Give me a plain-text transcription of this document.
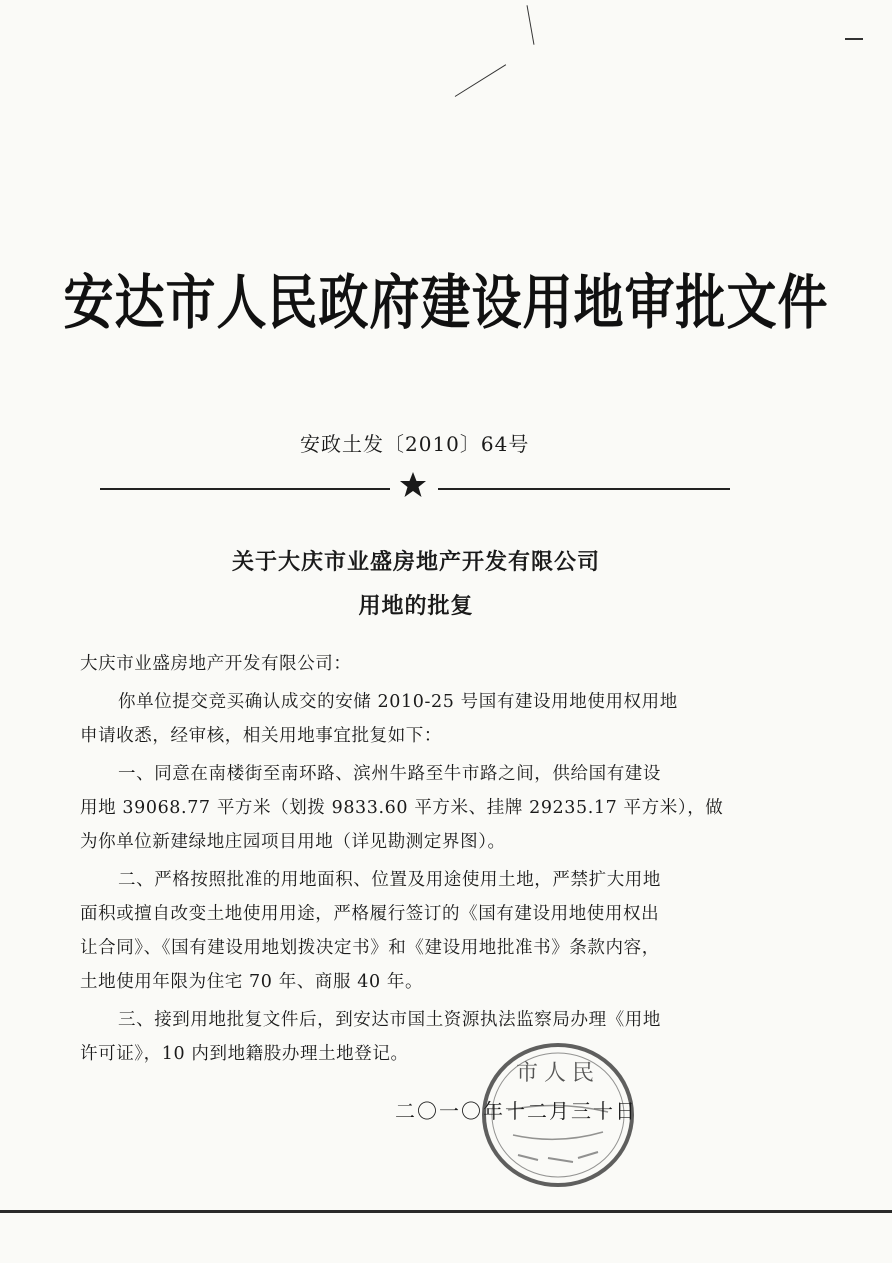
安达市人民政府建设用地审批文件
安政土发〔2010〕64号
关于大庆市业盛房地产开发有限公司
用地的批复
大庆市业盛房地产开发有限公司：
你单位提交竞买确认成交的安储 2010-25 号国有建设用地使用权用地
申请收悉，经审核，相关用地事宜批复如下：
一、同意在南楼街至南环路、滨州牛路至牛市路之间，供给国有建设
用地 39068.77 平方米（划拨 9833.60 平方米、挂牌 29235.17 平方米），做
为你单位新建绿地庄园项目用地（详见勘测定界图）。
二、严格按照批准的用地面积、位置及用途使用土地，严禁扩大用地
面积或擅自改变土地使用用途，严格履行签订的《国有建设用地使用权出
让合同》、《国有建设用地划拨决定书》和《建设用地批准书》条款内容，
土地使用年限为住宅 70 年、商服 40 年。
三、接到用地批复文件后，到安达市国土资源执法监察局办理《用地
许可证》，10 内到地籍股办理土地登记。
市人民
二〇一〇年十二月三十日
